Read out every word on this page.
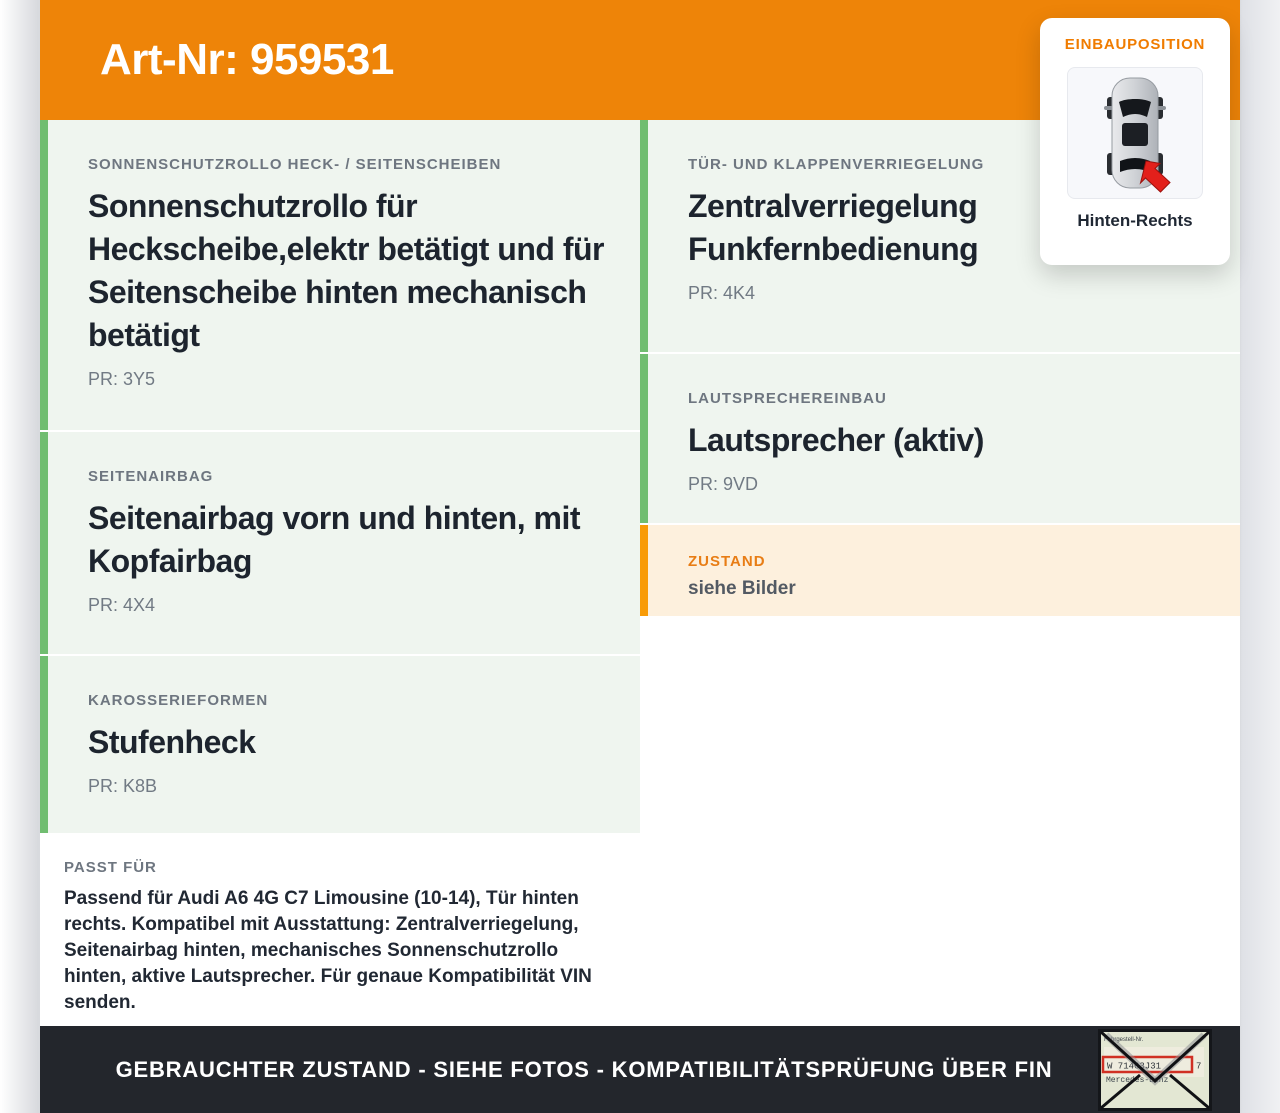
Art-Nr: 959531
SONNENSCHUTZROLLO HECK- / SEITENSCHEIBEN
Sonnenschutzrollo für Heckscheibe,elektr betätigt und für Seitenscheibe hinten mechanisch betätigt
PR: 3Y5
SEITENAIRBAG
Seitenairbag vorn und hinten, mit Kopfairbag
PR: 4X4
KAROSSERIEFORMEN
Stufenheck
PR: K8B
PASST FÜR
Passend für Audi A6 4G C7 Limousine (10-14), Tür hinten rechts. Kompatibel mit Ausstattung: Zentralverriegelung, Seitenairbag hinten, mechanisches Sonnenschutzrollo hinten, aktive Lautsprecher. Für genaue Kompatibilität VIN senden.
TÜR- UND KLAPPENVERRIEGELUNG
Zentralverriegelung Funkfernbedienung
PR: 4K4
LAUTSPRECHEREINBAU
Lautsprecher (aktiv)
PR: 9VD
ZUSTAND
siehe Bilder
EINBAUPOSITION
Hinten-Rechts
GEBRAUCHTER ZUSTAND - SIEHE FOTOS - KOMPATIBILITÄTSPRÜFUNG ÜBER FIN
Fahrgestell-Nr.
W 71463J31	7
Mercedes-Benz
